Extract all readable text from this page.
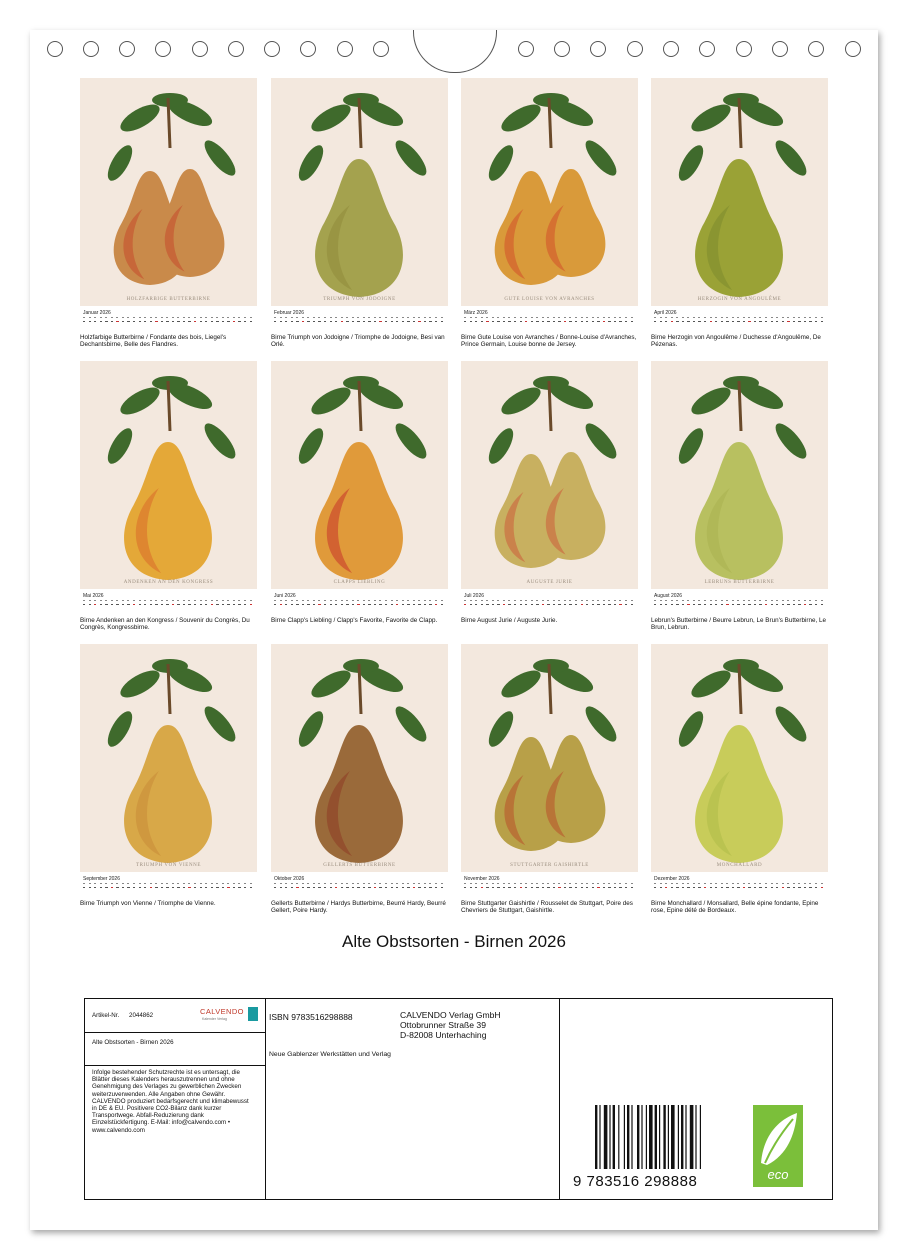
HOLZFARBIGE BUTTERBIRNE
Januar 2026
Holzfarbige Butterbirne / Fondante des bois, Liegel's Dechantsbirne, Belle des Flandres.
TRIUMPH VON JODOIGNE
Februar 2026
Birne Triumph von Jodoigne / Triomphe de Jodoigne, Besi van Orlé.
GUTE LOUISE VON AVRANCHES
März 2026
Birne Gute Louise von Avranches / Bonne-Louise d'Avranches, Prince Germain, Louise bonne de Jersey.
HERZOGIN VON ANGOULÊME
April 2026
Birne Herzogin von Angoulême / Duchesse d'Angoulême, De Pézenas.
ANDENKEN AN DEN KONGRESS
Mai 2026
Birne Andenken an den Kongress / Souvenir du Congrès, Du Congrès, Kongressbirne.
CLAPPS LIEBLING
Juni 2026
Birne Clapp's Liebling / Clapp's Favorite, Favorite de Clapp.
AUGUSTE JURIE
Juli 2026
Birne August Jurie / Auguste Jurie.
LEBRUNS BUTTERBIRNE
August 2026
Lebrun's Butterbirne / Beurre Lebrun, Le Brun's Butterbirne, Le Brun, Lebrun.
TRIUMPH VON VIENNE
September 2026
Birne Triumph von Vienne / Triomphe de Vienne.
GELLERTS BUTTERBIRNE
Oktober 2026
Gellerts Butterbirne / Hardys Butterbirne, Beurré Hardy, Beurré Gellert, Poire Hardy.
STUTTGARTER GAISHIRTLE
November 2026
Birne Stuttgarter Gaishirtle / Rousselet de Stuttgart, Poire des Chevriers de Stuttgart, Gaishirtle.
MONCHALLARD
Dezember 2026
Birne Monchallard / Monsallard, Belle épine fondante, Epine rose, Epine dété de Bordeaux.
Alte Obstsorten - Birnen 2026
Artikel-Nr. 2044862	CALVENDO
Kalender Verlag
Alte Obstsorten - Birnen 2026
Infolge bestehender Schutzrechte ist es untersagt, die Blätter dieses Kalenders herauszutrennen und ohne Genehmigung des Verlages zu gewerblichen Zwecken weiterzuverwenden. Alle Angaben ohne Gewähr. CALVENDO produziert bedarfsgerecht und klimabewusst in DE & EU. Positivere CO2-Bilanz dank kurzer Transportwege. Abfall-Reduzierung dank Einzelstückfertigung. E-Mail: info@calvendo.com • www.calvendo.com
ISBN 9783516298888	CALVENDO Verlag GmbH
Ottobrunner Straße 39
D-82008 Unterhaching
Neue Gablenzer Werkstätten und Verlag
9 783516 298888	eco
